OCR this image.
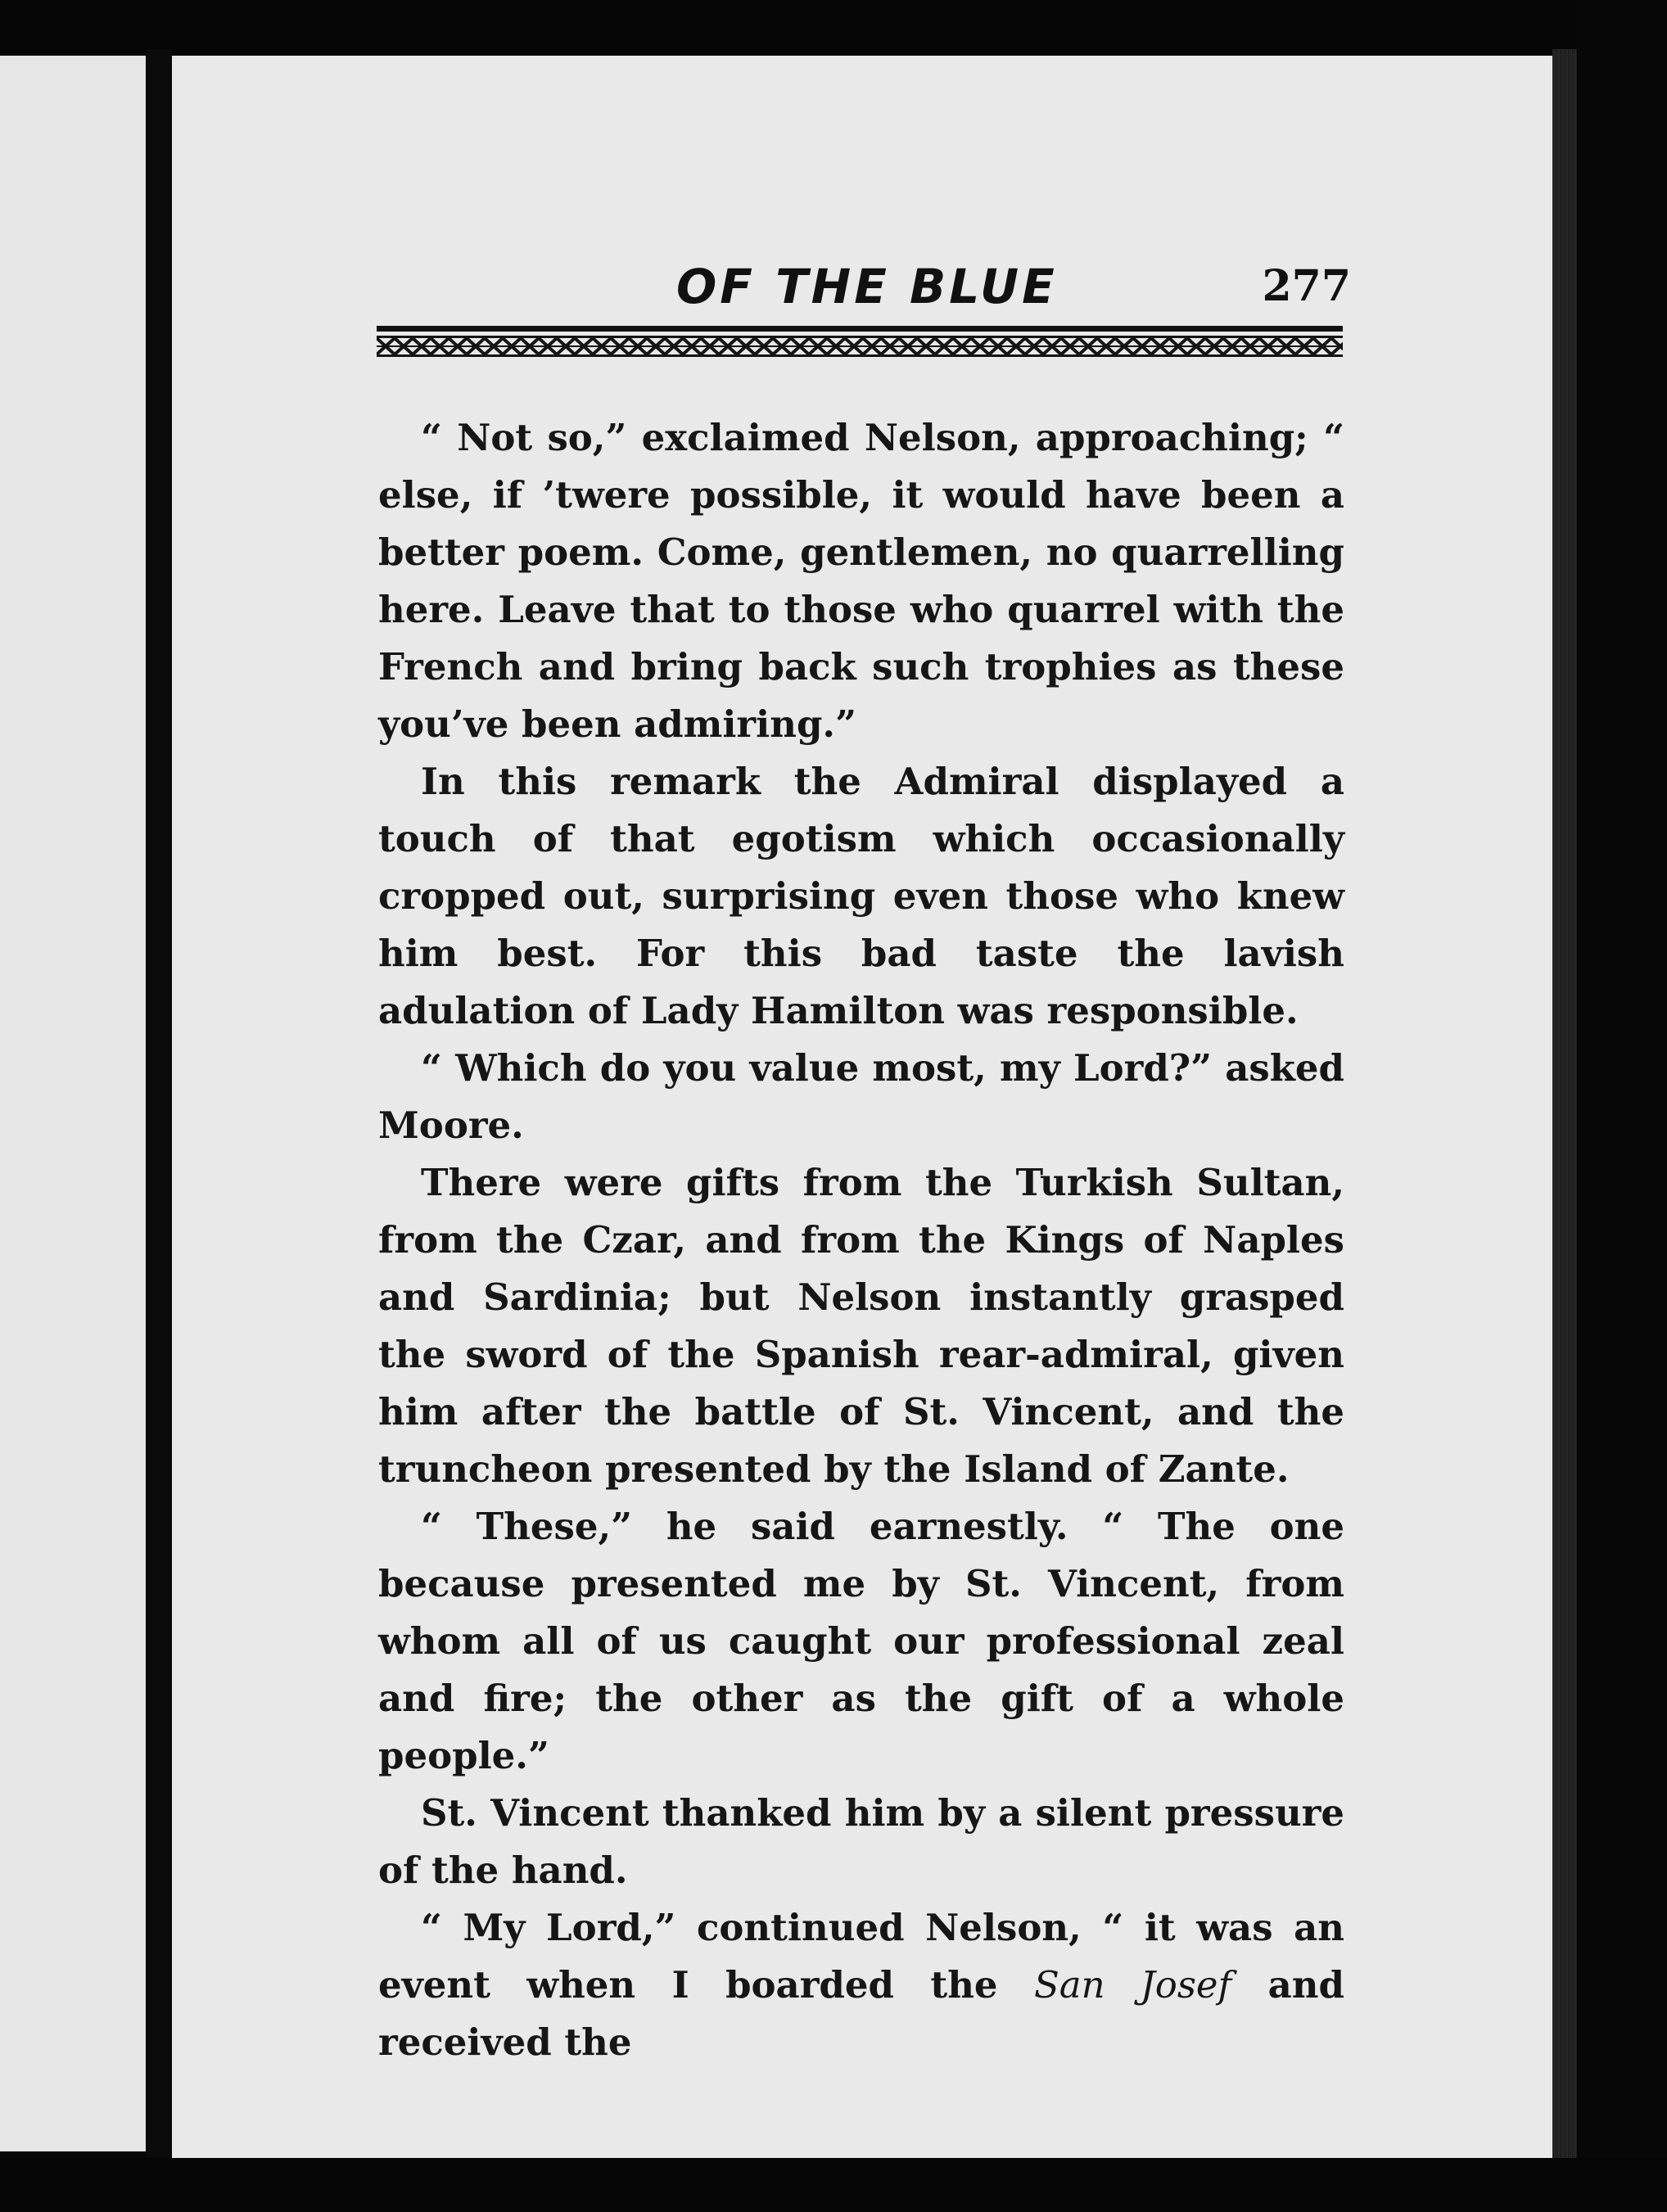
OF THE BLUE	277

“ Not so,” exclaimed Nelson, approaching; “ else, if ’twere possible, it would have been a better poem. Come, gentlemen, no quarrelling here. Leave that to those who quarrel with the French and bring back such trophies as these you’ve been admiring.”

In this remark the Admiral displayed a touch of that egotism which occasionally cropped out, surprising even those who knew him best. For this bad taste the lavish adulation of Lady Hamilton was responsible.

“ Which do you value most, my Lord?” asked Moore.

There were gifts from the Turkish Sultan, from the Czar, and from the Kings of Naples and Sardinia; but Nelson instantly grasped the sword of the Spanish rear-admiral, given him after the battle of St. Vincent, and the truncheon presented by the Island of Zante.

“ These,” he said earnestly. “ The one because presented me by St. Vincent, from whom all of us caught our professional zeal and fire; the other as the gift of a whole people.”

St. Vincent thanked him by a silent pressure of the hand.

“ My Lord,” continued Nelson, “ it was an event when I boarded the San Josef and received the
